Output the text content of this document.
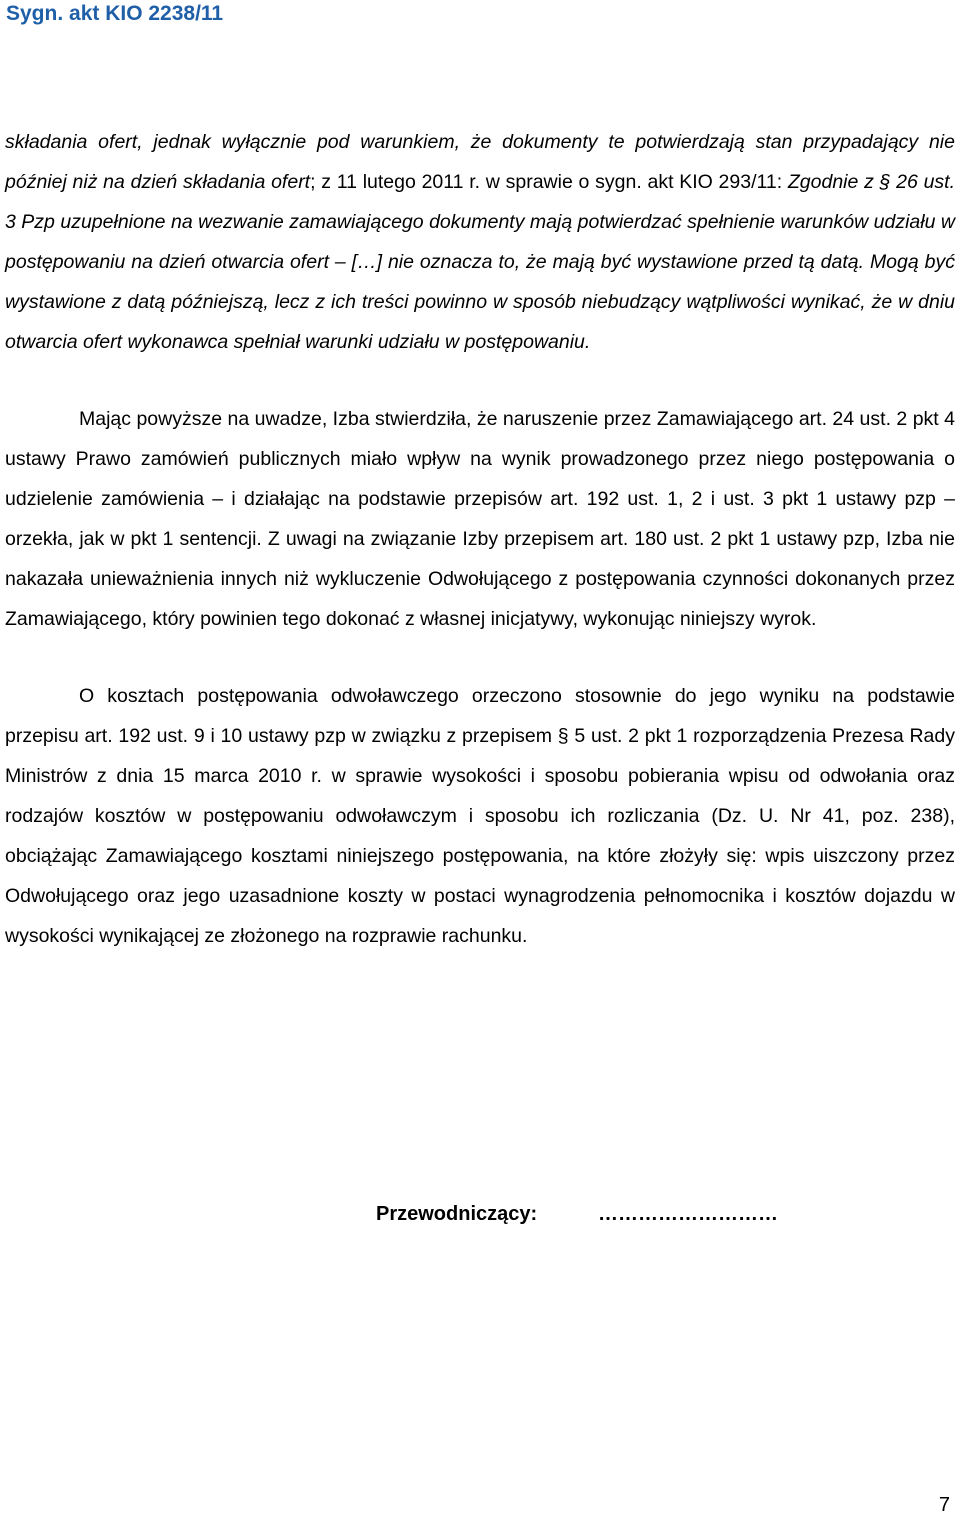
Sygn. akt KIO 2238/11

składania ofert, jednak wyłącznie pod warunkiem, że dokumenty te potwierdzają stan przypadający nie później niż na dzień składania ofert; z 11 lutego 2011 r. w sprawie o sygn. akt KIO 293/11: Zgodnie z § 26 ust. 3 Pzp uzupełnione na wezwanie zamawiającego dokumenty mają potwierdzać spełnienie warunków udziału w postępowaniu na dzień otwarcia ofert – […] nie oznacza to, że mają być wystawione przed tą datą. Mogą być wystawione z datą późniejszą, lecz z ich treści powinno w sposób niebudzący wątpliwości wynikać, że w dniu otwarcia ofert wykonawca spełniał warunki udziału w postępowaniu.

Mając powyższe na uwadze, Izba stwierdziła, że naruszenie przez Zamawiającego art. 24 ust. 2 pkt 4 ustawy Prawo zamówień publicznych miało wpływ na wynik prowadzonego przez niego postępowania o udzielenie zamówienia – i działając na podstawie przepisów art. 192 ust. 1, 2 i ust. 3 pkt 1 ustawy pzp – orzekła, jak w pkt 1 sentencji. Z uwagi na związanie Izby przepisem art. 180 ust. 2 pkt 1 ustawy pzp, Izba nie nakazała unieważnienia innych niż wykluczenie Odwołującego z postępowania czynności dokonanych przez Zamawiającego, który powinien tego dokonać z własnej inicjatywy, wykonując niniejszy wyrok.

O kosztach postępowania odwoławczego orzeczono stosownie do jego wyniku na podstawie przepisu art. 192 ust. 9 i 10 ustawy pzp w związku z przepisem § 5 ust. 2 pkt 1 rozporządzenia Prezesa Rady Ministrów z dnia 15 marca 2010 r. w sprawie wysokości i sposobu pobierania wpisu od odwołania oraz rodzajów kosztów w postępowaniu odwoławczym i sposobu ich rozliczania (Dz. U. Nr 41, poz. 238), obciążając Zamawiającego kosztami niniejszego postępowania, na które złożyły się: wpis uiszczony przez Odwołującego oraz jego uzasadnione koszty w postaci wynagrodzenia pełnomocnika i kosztów dojazdu w wysokości wynikającej ze złożonego na rozprawie rachunku.

Przewodniczący:	………………………
7
